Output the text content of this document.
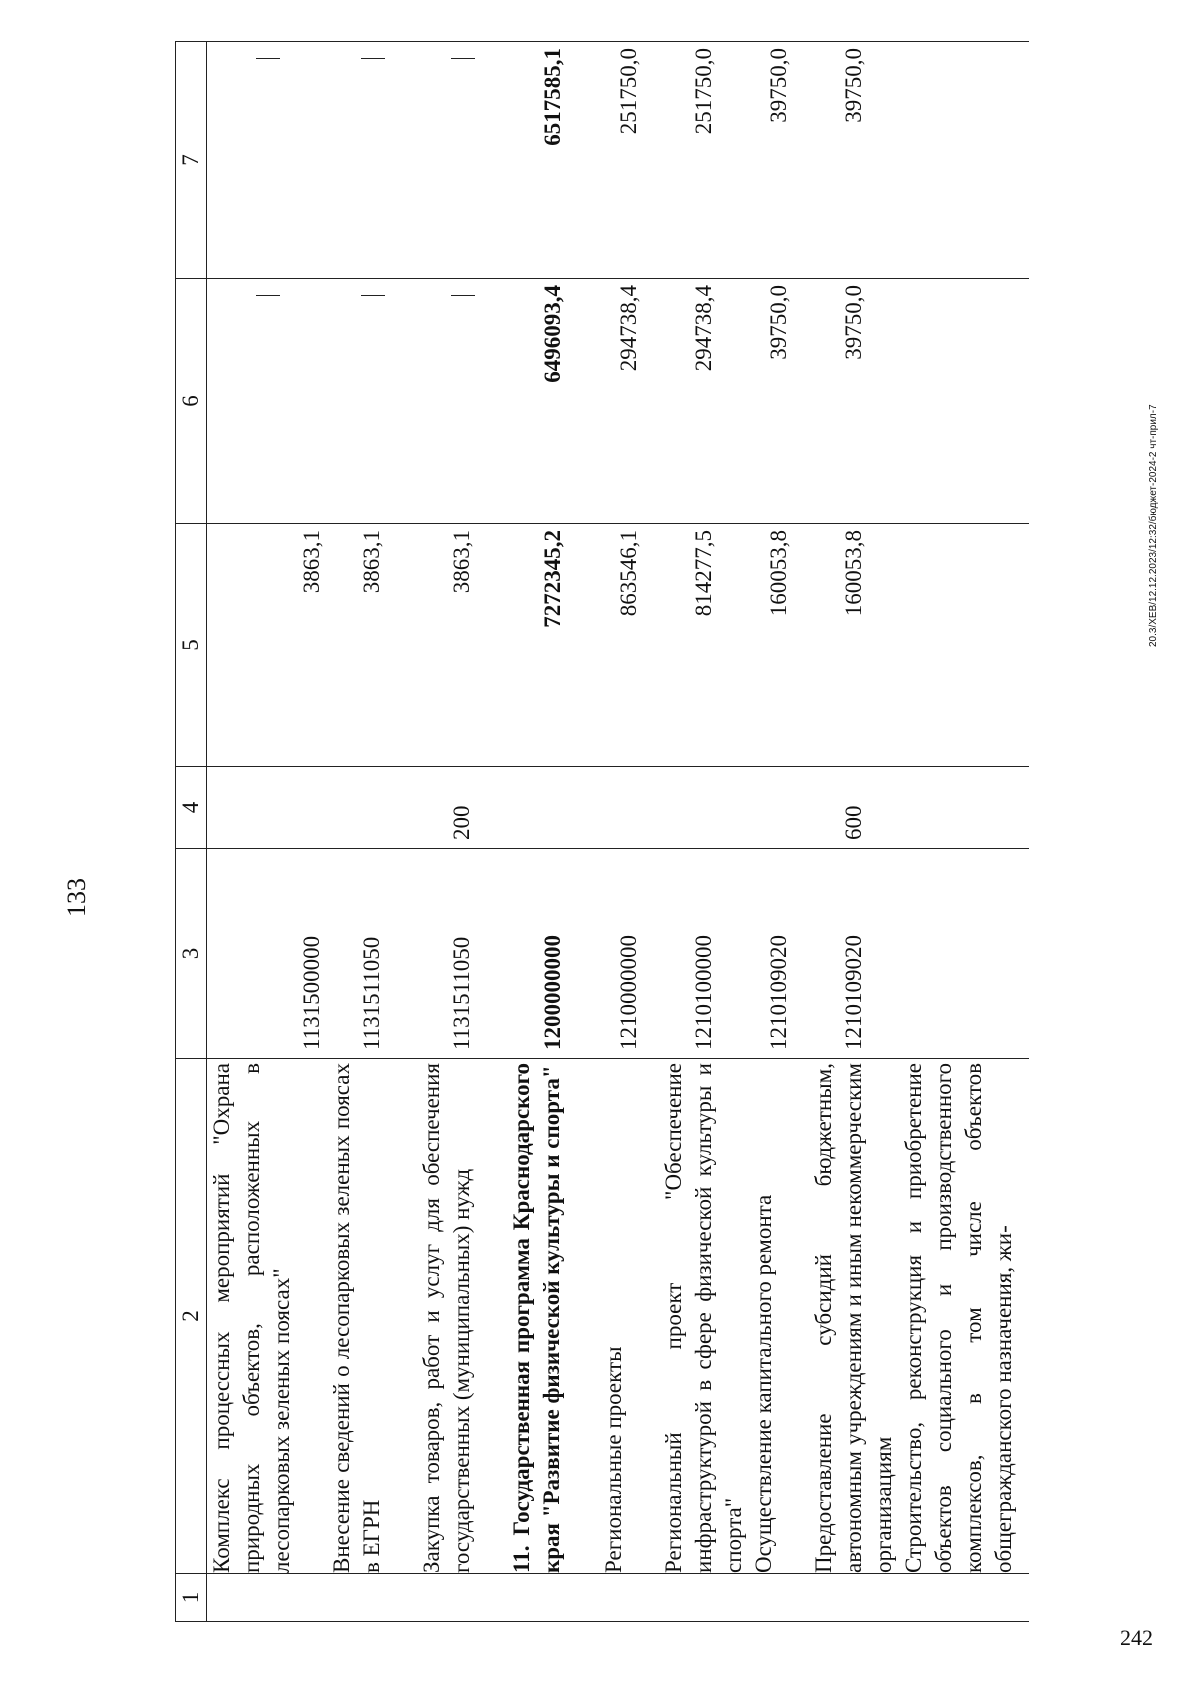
133
1	2	3	4	5	6	7
	Комплекс процессных мероприятий "Охрана природных объектов, расположенных в лесопарковых зеленых поясах"	1131500000		3863,1		
	Внесение сведений о лесопарковых зеленых поясах в ЕГРН	1131511050		3863,1		
	Закупка товаров, работ и услуг для обеспечения государственных (муниципальных) нужд	1131511050	200	3863,1		
	11.Государственная программа Краснодарского края "Развитие физической культуры и спорта"	1200000000		7272345,2	6496093,4	6517585,1
	Региональные проекты	1210000000		863546,1	294738,4	251750,0
	Региональный проект "Обеспечение инфраструктурой в сфере физической культуры и спорта"	1210100000		814277,5	294738,4	251750,0
	Осуществление капитального ремонта	1210109020		160053,8	39750,0	39750,0
	Предоставление субсидий бюджетным, автономным учреждениям и иным некоммерческим организациям	1210109020	600	160053,8	39750,0	39750,0
	Строительство, реконструкция и приобретение объектов социального и производственного комплексов, в том числе объектов общегражданского назначения, жи-					
20.3/XEB/12.12.2023/12:32/бюджет-2024-2 чт-прил-7
242
